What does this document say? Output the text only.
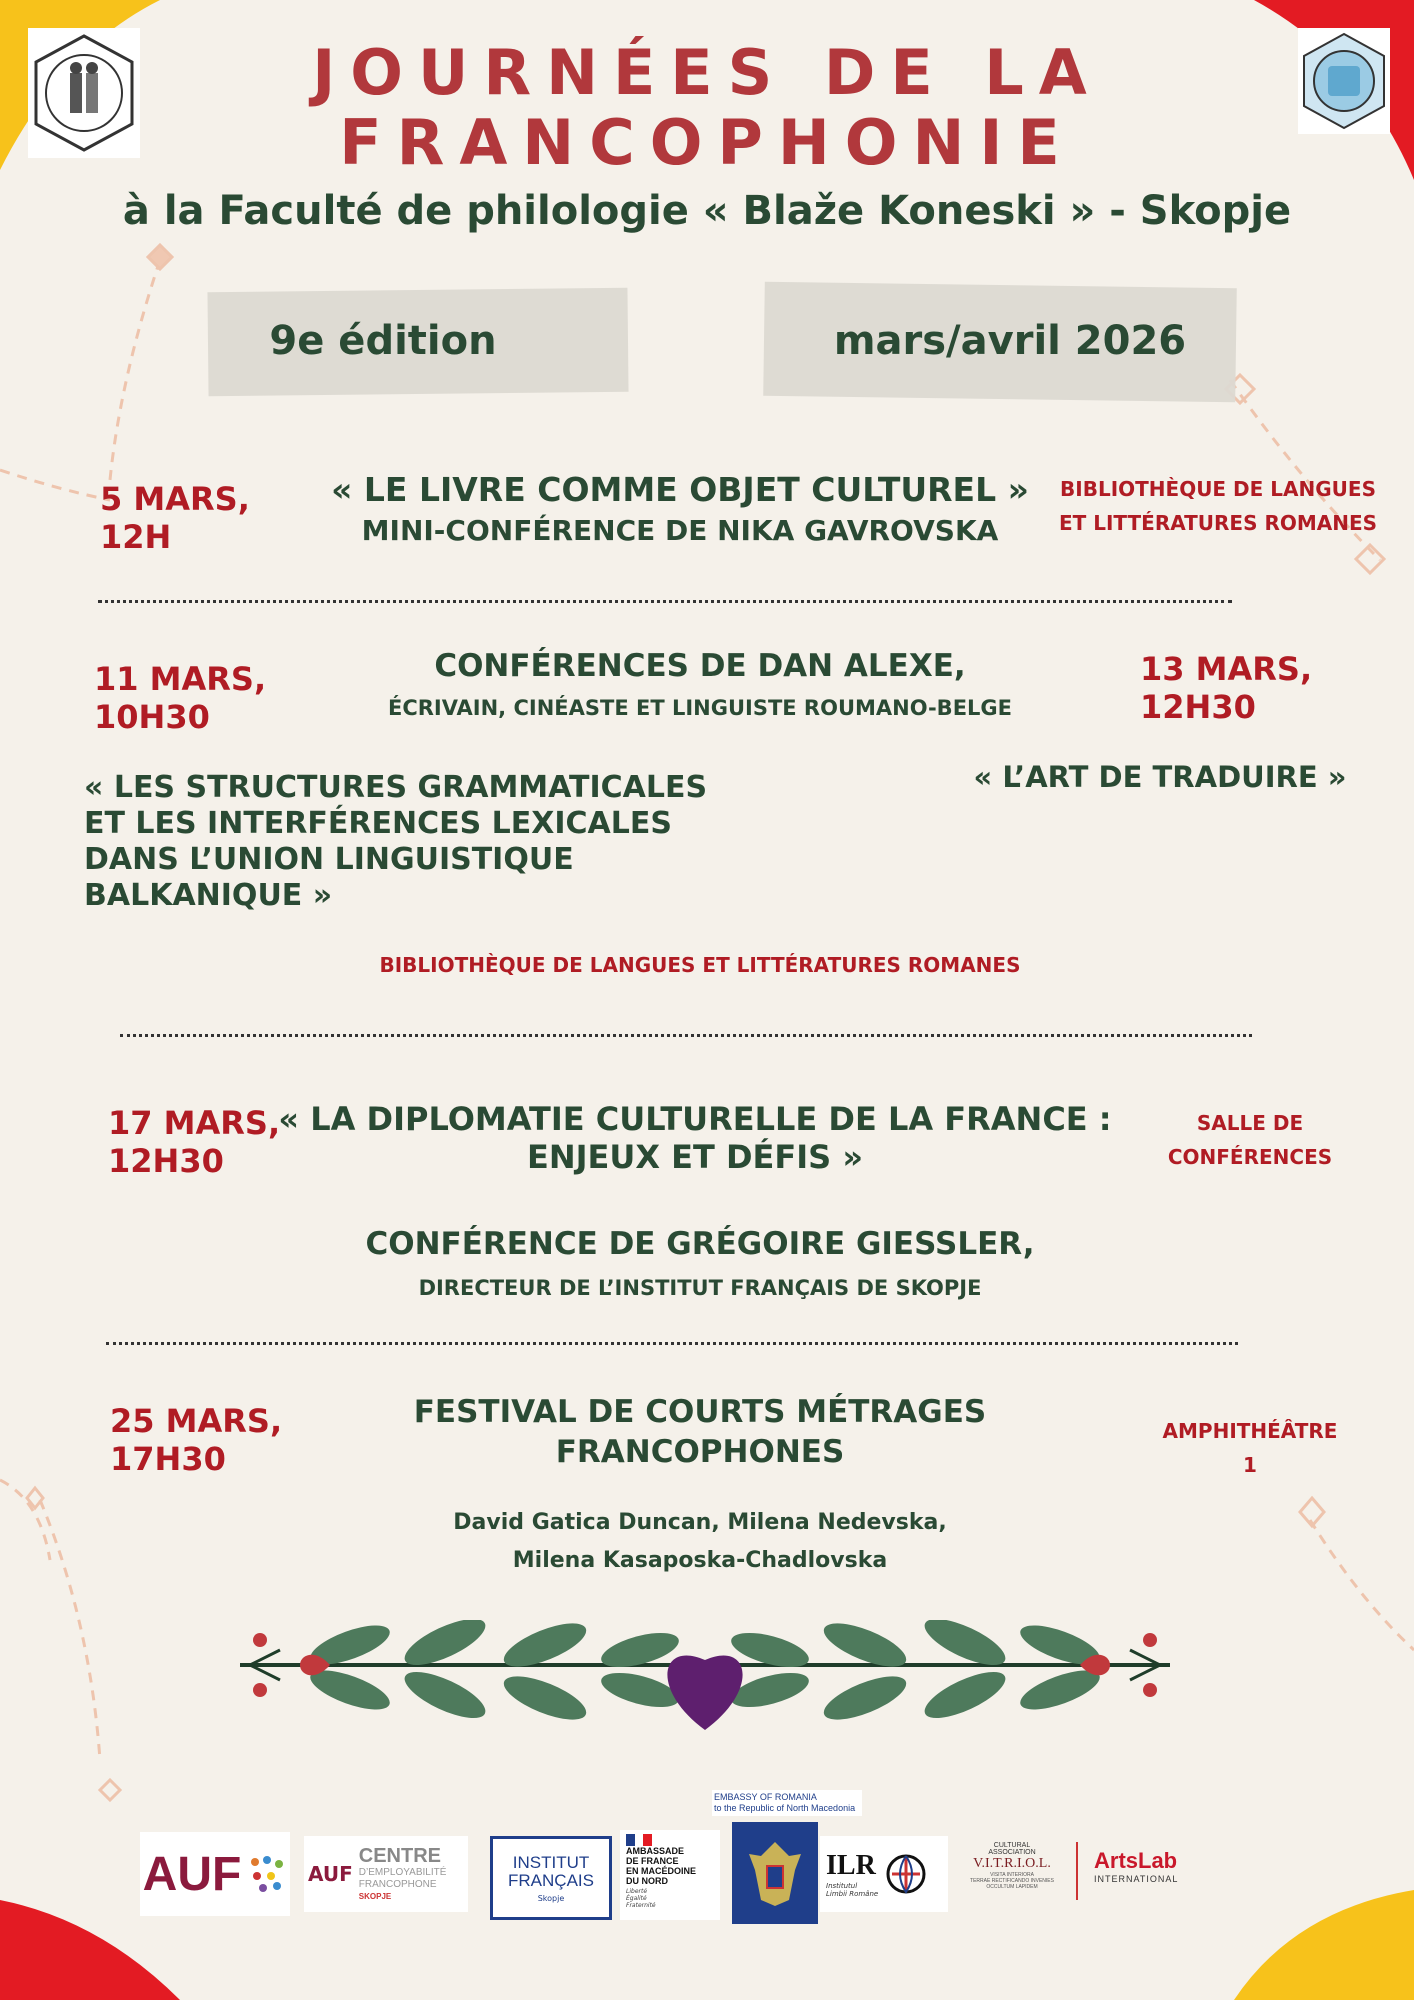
JOURNÉES DE LA
FRANCOPHONIE
à la Faculté de philologie « Blaže Koneski » - Skopje
9e édition	mars/avril 2026
5 MARS,
12H
« LE LIVRE COMME OBJET CULTUREL »
MINI-CONFÉRENCE DE NIKA GAVROVSKA
BIBLIOTHÈQUE DE LANGUES
ET LITTÉRATURES ROMANES
11 MARS,
10H30
13 MARS,
12H30
CONFÉRENCES DE DAN ALEXE,
ÉCRIVAIN, CINÉASTE ET LINGUISTE ROUMANO-BELGE
« LES STRUCTURES GRAMMATICALES
ET LES INTERFÉRENCES LEXICALES
DANS L’UNION LINGUISTIQUE
BALKANIQUE »
« L’ART DE TRADUIRE »
BIBLIOTHÈQUE DE LANGUES ET LITTÉRATURES ROMANES
17 MARS,
12H30
« LA DIPLOMATIE CULTURELLE DE LA FRANCE :
ENJEUX ET DÉFIS »
CONFÉRENCE DE GRÉGOIRE GIESSLER,
DIRECTEUR DE L’INSTITUT FRANÇAIS DE SKOPJE
SALLE DE
CONFÉRENCES
25 MARS,
17H30
FESTIVAL DE COURTS MÉTRAGES
FRANCOPHONES
David Gatica Duncan, Milena Nedevska,
Milena Kasaposka-Chadlovska
AMPHITHÉÂTRE
1
AUF	AUF
CENTRE
D’EMPLOYABILITÉ
FRANCOPHONE
SKOPJE
INSTITUT
FRANÇAIS
Skopje
AMBASSADE
DE FRANCE
EN MACÉDOINE
DU NORD
Liberté
Égalité
Fraternité
EMBASSY OF ROMANIA
to the Republic of North Macedonia
ILR
Institutul
Limbii Române
CULTURAL
ASSOCIATION
V.I.T.R.I.O.L.
VISITA INTERIORA
TERRAE RECTIFICANDO INVENIES
OCCULTUM LAPIDEM
ArtsLab
INTERNATIONAL
